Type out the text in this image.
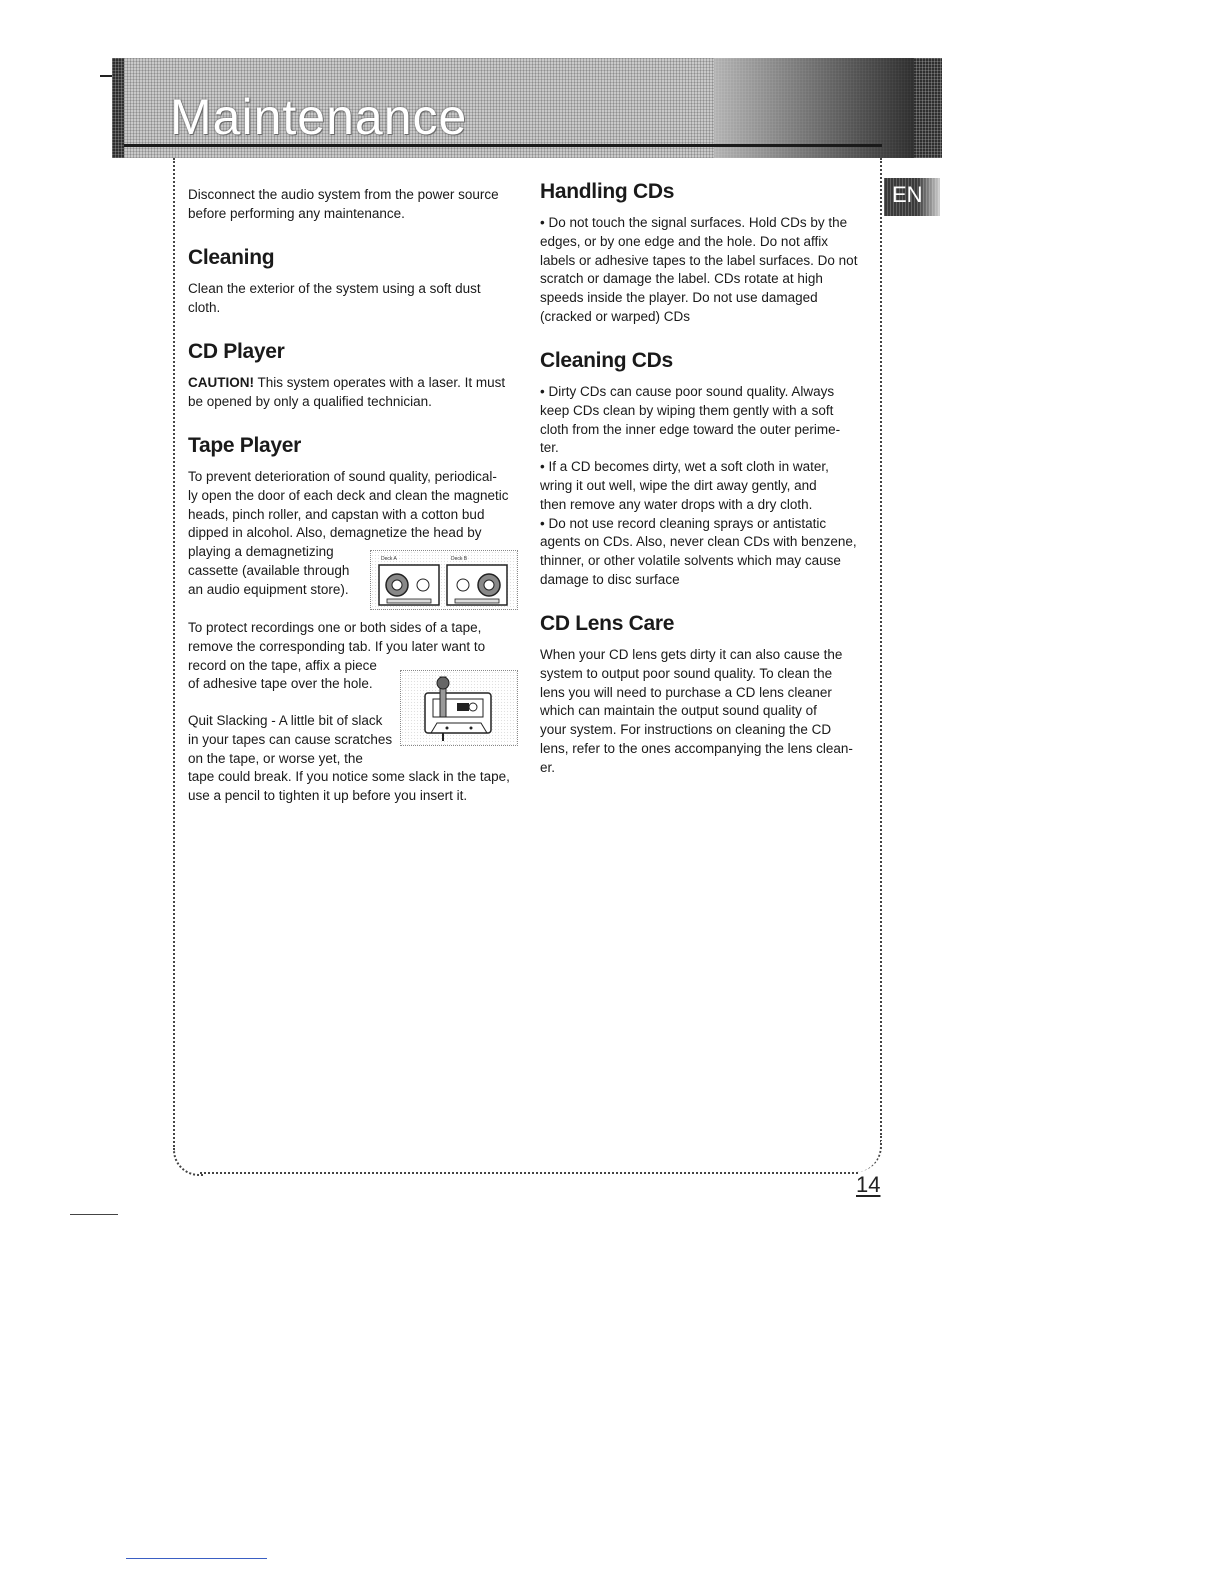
Maintenance
EN
Disconnect the audio system from the power source
before performing any maintenance.
Cleaning
Clean the exterior of the system using a soft dust
cloth.
CD Player
CAUTION! This system operates with a laser. It must
be opened by only a qualified technician.
Tape Player
To prevent deterioration of sound quality, periodical-
ly open the door of each deck and clean the magnetic
heads, pinch roller, and capstan with a cotton bud
dipped in alcohol. Also, demagnetize the head by
playing a demagnetizing
cassette (available through
an audio equipment store).
Deck A	Deck B
To protect recordings one or both sides of a tape,
remove the corresponding tab. If you later want to
record on the tape, affix a piece
of adhesive tape over the hole.
Quit Slacking - A little bit of slack
in your tapes can cause scratches
on the tape, or worse yet, the
tape could break. If you notice some slack in the tape,
use a pencil to tighten it up before you insert it.
Handling CDs
• Do not touch the signal surfaces. Hold CDs by the
edges, or by one edge and the hole. Do not affix
labels or adhesive tapes to the label surfaces. Do not
scratch or damage the label. CDs rotate at high
speeds inside the player. Do not use damaged
(cracked or warped) CDs
Cleaning CDs
• Dirty CDs can cause poor sound quality. Always
keep CDs clean by wiping them gently with a soft
cloth from the inner edge toward the outer perime-
ter.
• If a CD becomes dirty, wet a soft cloth in water,
wring it out well, wipe the dirt away gently, and
then remove any water drops with a dry cloth.
• Do not use record cleaning sprays or antistatic
agents on CDs. Also, never clean CDs with benzene,
thinner, or other volatile solvents which may cause
damage to disc surface
CD Lens Care
When your CD lens gets dirty it can also cause the
system to output poor sound quality. To clean the
lens you will need to purchase a CD lens cleaner
which can maintain the output sound quality of
your system. For instructions on cleaning the CD
lens, refer to the ones accompanying the lens clean-
er.
14
